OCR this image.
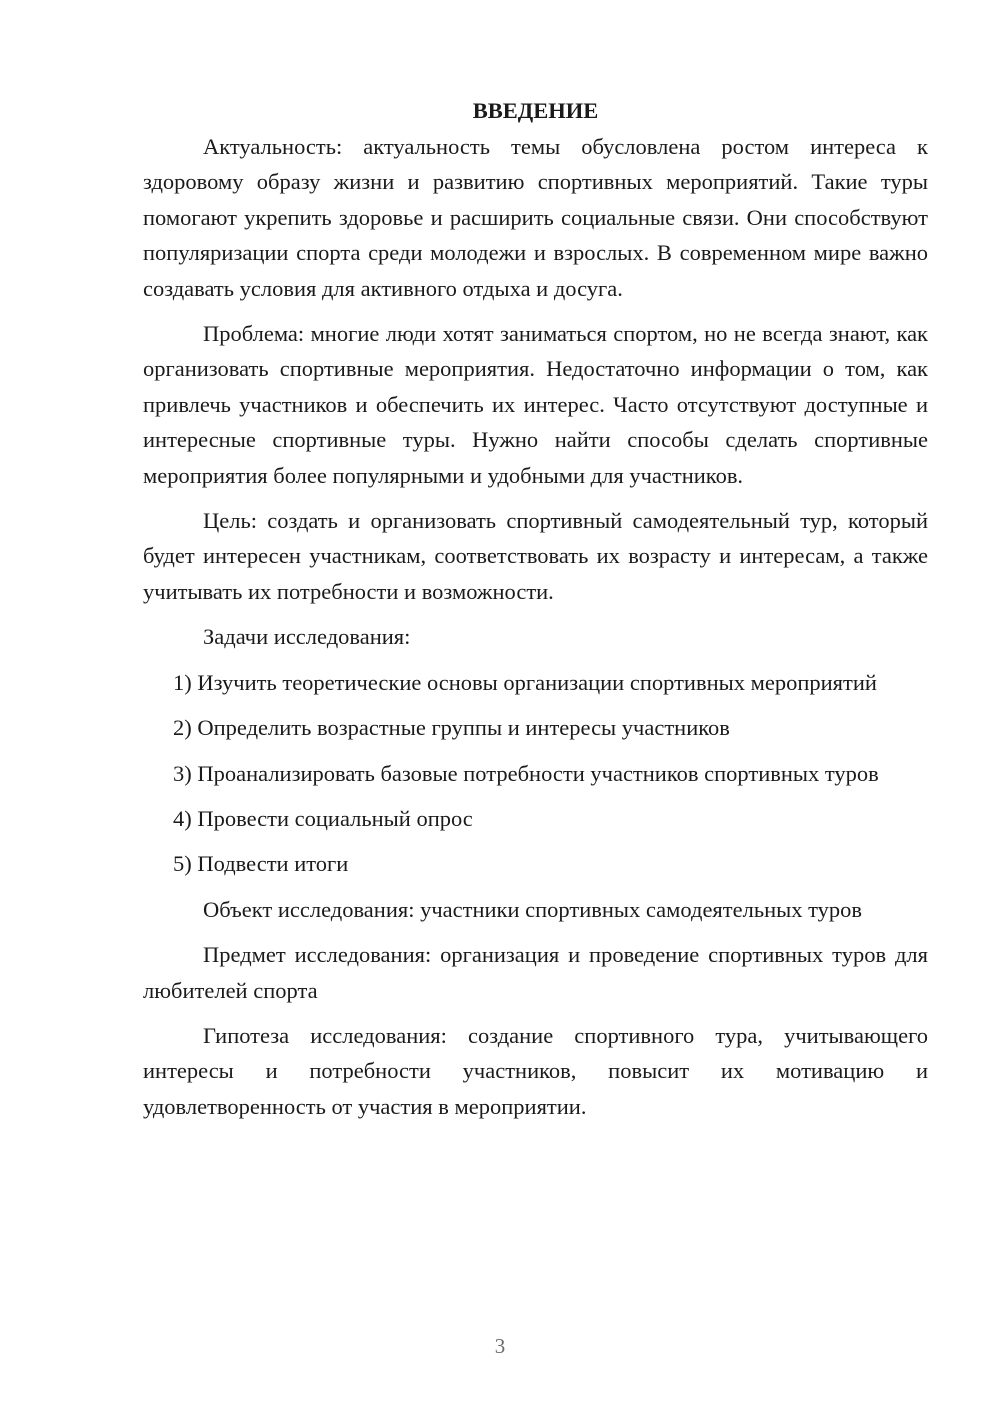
ВВЕДЕНИЕ

Актуальность: актуальность темы обусловлена ростом интереса к здоровому образу жизни и развитию спортивных мероприятий. Такие туры помогают укрепить здоровье и расширить социальные связи. Они способствуют популяризации спорта среди молодежи и взрослых. В современном мире важно создавать условия для активного отдыха и досуга.

Проблема: многие люди хотят заниматься спортом, но не всегда знают, как организовать спортивные мероприятия. Недостаточно информации о том, как привлечь участников и обеспечить их интерес. Часто отсутствуют доступные и интересные спортивные туры. Нужно найти способы сделать спортивные мероприятия более популярными и удобными для участников.

Цель: создать и организовать спортивный самодеятельный тур, который будет интересен участникам, соответствовать их возрасту и интересам, а также учитывать их потребности и возможности.

Задачи исследования:

1) Изучить теоретические основы организации спортивных мероприятий

2) Определить возрастные группы и интересы участников

3) Проанализировать базовые потребности участников спортивных туров

4) Провести социальный опрос

5) Подвести итоги

Объект исследования: участники спортивных самодеятельных туров

Предмет исследования: организация и проведение спортивных туров для любителей спорта

Гипотеза исследования: создание спортивного тура, учитывающего интересы и потребности участников, повысит их мотивацию и удовлетворенность от участия в мероприятии.

3
